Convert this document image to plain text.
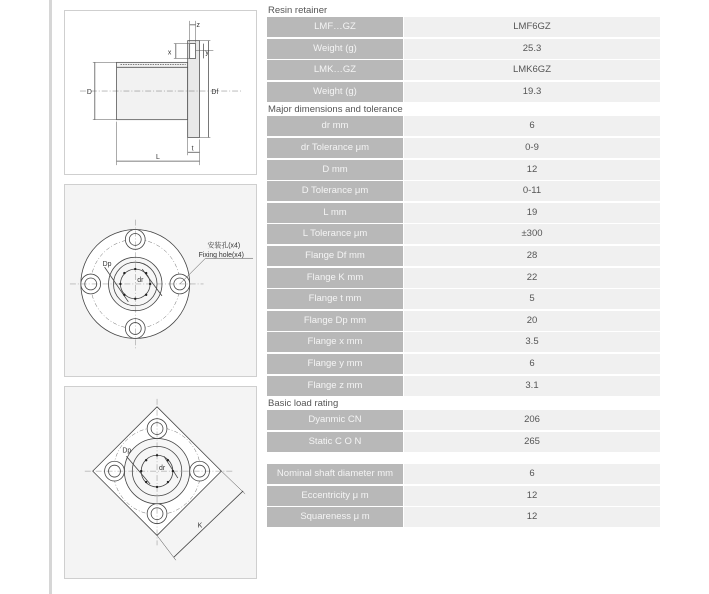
z
x	y
D	Df
L
t
Dp
dr
安装孔(x4)
Fixing hole(x4)
Dp
dr
K
Resin retainer
LMF…GZ	LMF6GZ
Weight (g)	25.3
LMK…GZ	LMK6GZ
Weight (g)	19.3
Major dimensions and tolerance
dr mm	6
dr Tolerance μm	0-9
D mm	12
D Tolerance μm	0-11
L mm	19
L Tolerance μm	±300
Flange Df mm	28
Flange K mm	22
Flange t mm	5
Flange Dp mm	20
Flange x mm	3.5
Flange y mm	6
Flange z mm	3.1
Basic load rating
Dyanmic CN	206
Static C O N	265
Nominal shaft diameter mm	6
Eccentricity μ m	12
Squareness μ m	12
